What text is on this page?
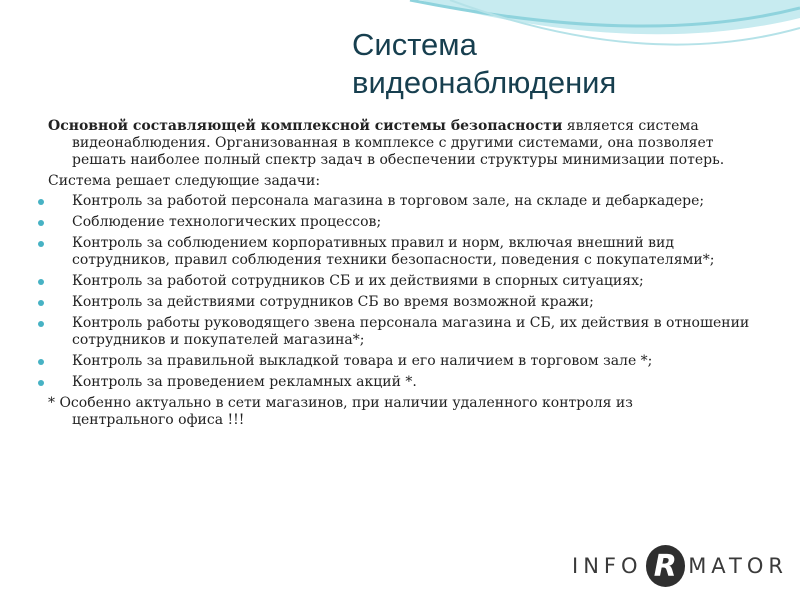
Система
видеонаблюдения

Основной составляющей комплексной системы безопасности является система
видеонаблюдения. Организованная в комплексе с другими системами, она позволяет решать наиболее полный спектр задач в обеспечении структуры минимизации потерь.

Система решает следующие задачи:

Контроль за работой персонала магазина в торговом зале, на складе и дебаркадере;
Соблюдение технологических процессов;
Контроль за соблюдением корпоративных правил и норм, включая внешний вид сотрудников, правил соблюдения техники безопасности, поведения с покупателями*;
Контроль за работой сотрудников СБ и их действиями в спорных ситуациях;
Контроль за действиями сотрудников СБ во время возможной кражи;
Контроль работы руководящего звена персонала магазина и СБ, их действия в отношении сотрудников и покупателей магазина*;
Контроль за правильной выкладкой товара и его наличием в торговом зале *;
Контроль за проведением рекламных акций *.

* Особенно актуально в сети магазинов, при наличии удаленного контроля из
центрального офиса !!!

INFO R MATOR
